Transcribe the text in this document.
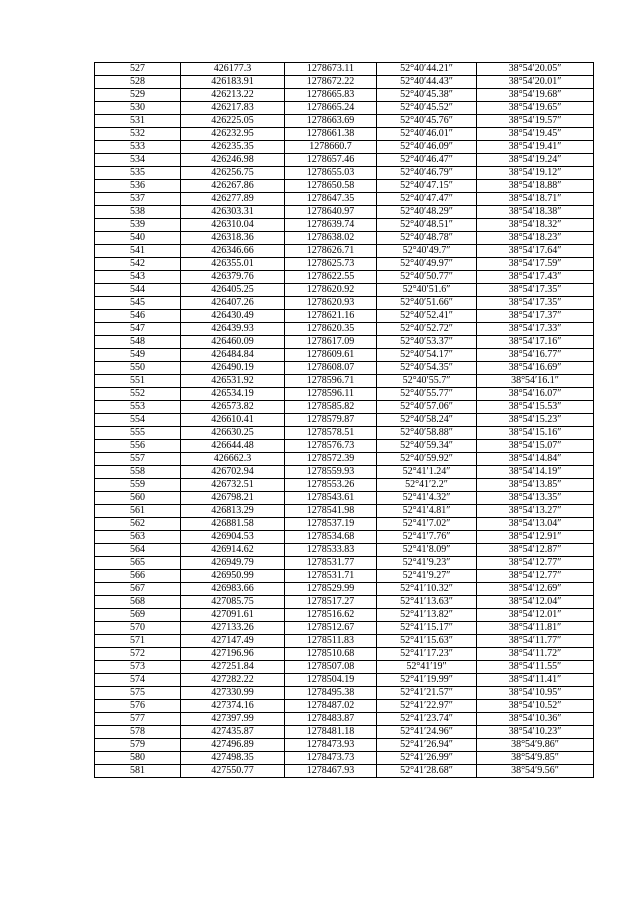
527	426177.3	1278673.11	52°40′44.21″	38°54′20.05″
528	426183.91	1278672.22	52°40′44.43″	38°54′20.01″
529	426213.22	1278665.83	52°40′45.38″	38°54′19.68″
530	426217.83	1278665.24	52°40′45.52″	38°54′19.65″
531	426225.05	1278663.69	52°40′45.76″	38°54′19.57″
532	426232.95	1278661.38	52°40′46.01″	38°54′19.45″
533	426235.35	1278660.7	52°40′46.09″	38°54′19.41″
534	426246.98	1278657.46	52°40′46.47″	38°54′19.24″
535	426256.75	1278655.03	52°40′46.79″	38°54′19.12″
536	426267.86	1278650.58	52°40′47.15″	38°54′18.88″
537	426277.89	1278647.35	52°40′47.47″	38°54′18.71″
538	426303.31	1278640.97	52°40′48.29″	38°54′18.38″
539	426310.04	1278639.74	52°40′48.51″	38°54′18.32″
540	426318.36	1278638.02	52°40′48.78″	38°54′18.23″
541	426346.66	1278626.71	52°40′49.7″	38°54′17.64″
542	426355.01	1278625.73	52°40′49.97″	38°54′17.59″
543	426379.76	1278622.55	52°40′50.77″	38°54′17.43″
544	426405.25	1278620.92	52°40′51.6″	38°54′17.35″
545	426407.26	1278620.93	52°40′51.66″	38°54′17.35″
546	426430.49	1278621.16	52°40′52.41″	38°54′17.37″
547	426439.93	1278620.35	52°40′52.72″	38°54′17.33″
548	426460.09	1278617.09	52°40′53.37″	38°54′17.16″
549	426484.84	1278609.61	52°40′54.17″	38°54′16.77″
550	426490.19	1278608.07	52°40′54.35″	38°54′16.69″
551	426531.92	1278596.71	52°40′55.7″	38°54′16.1″
552	426534.19	1278596.11	52°40′55.77″	38°54′16.07″
553	426573.82	1278585.82	52°40′57.06″	38°54′15.53″
554	426610.41	1278579.87	52°40′58.24″	38°54′15.23″
555	426630.25	1278578.51	52°40′58.88″	38°54′15.16″
556	426644.48	1278576.73	52°40′59.34″	38°54′15.07″
557	426662.3	1278572.39	52°40′59.92″	38°54′14.84″
558	426702.94	1278559.93	52°41′1.24″	38°54′14.19″
559	426732.51	1278553.26	52°41′2.2″	38°54′13.85″
560	426798.21	1278543.61	52°41′4.32″	38°54′13.35″
561	426813.29	1278541.98	52°41′4.81″	38°54′13.27″
562	426881.58	1278537.19	52°41′7.02″	38°54′13.04″
563	426904.53	1278534.68	52°41′7.76″	38°54′12.91″
564	426914.62	1278533.83	52°41′8.09″	38°54′12.87″
565	426949.79	1278531.77	52°41′9.23″	38°54′12.77″
566	426950.99	1278531.71	52°41′9.27″	38°54′12.77″
567	426983.66	1278529.99	52°41′10.32″	38°54′12.69″
568	427085.75	1278517.27	52°41′13.63″	38°54′12.04″
569	427091.61	1278516.62	52°41′13.82″	38°54′12.01″
570	427133.26	1278512.67	52°41′15.17″	38°54′11.81″
571	427147.49	1278511.83	52°41′15.63″	38°54′11.77″
572	427196.96	1278510.68	52°41′17.23″	38°54′11.72″
573	427251.84	1278507.08	52°41′19″	38°54′11.55″
574	427282.22	1278504.19	52°41′19.99″	38°54′11.41″
575	427330.99	1278495.38	52°41′21.57″	38°54′10.95″
576	427374.16	1278487.02	52°41′22.97″	38°54′10.52″
577	427397.99	1278483.87	52°41′23.74″	38°54′10.36″
578	427435.87	1278481.18	52°41′24.96″	38°54′10.23″
579	427496.89	1278473.93	52°41′26.94″	38°54′9.86″
580	427498.35	1278473.73	52°41′26.99″	38°54′9.85″
581	427550.77	1278467.93	52°41′28.68″	38°54′9.56″
